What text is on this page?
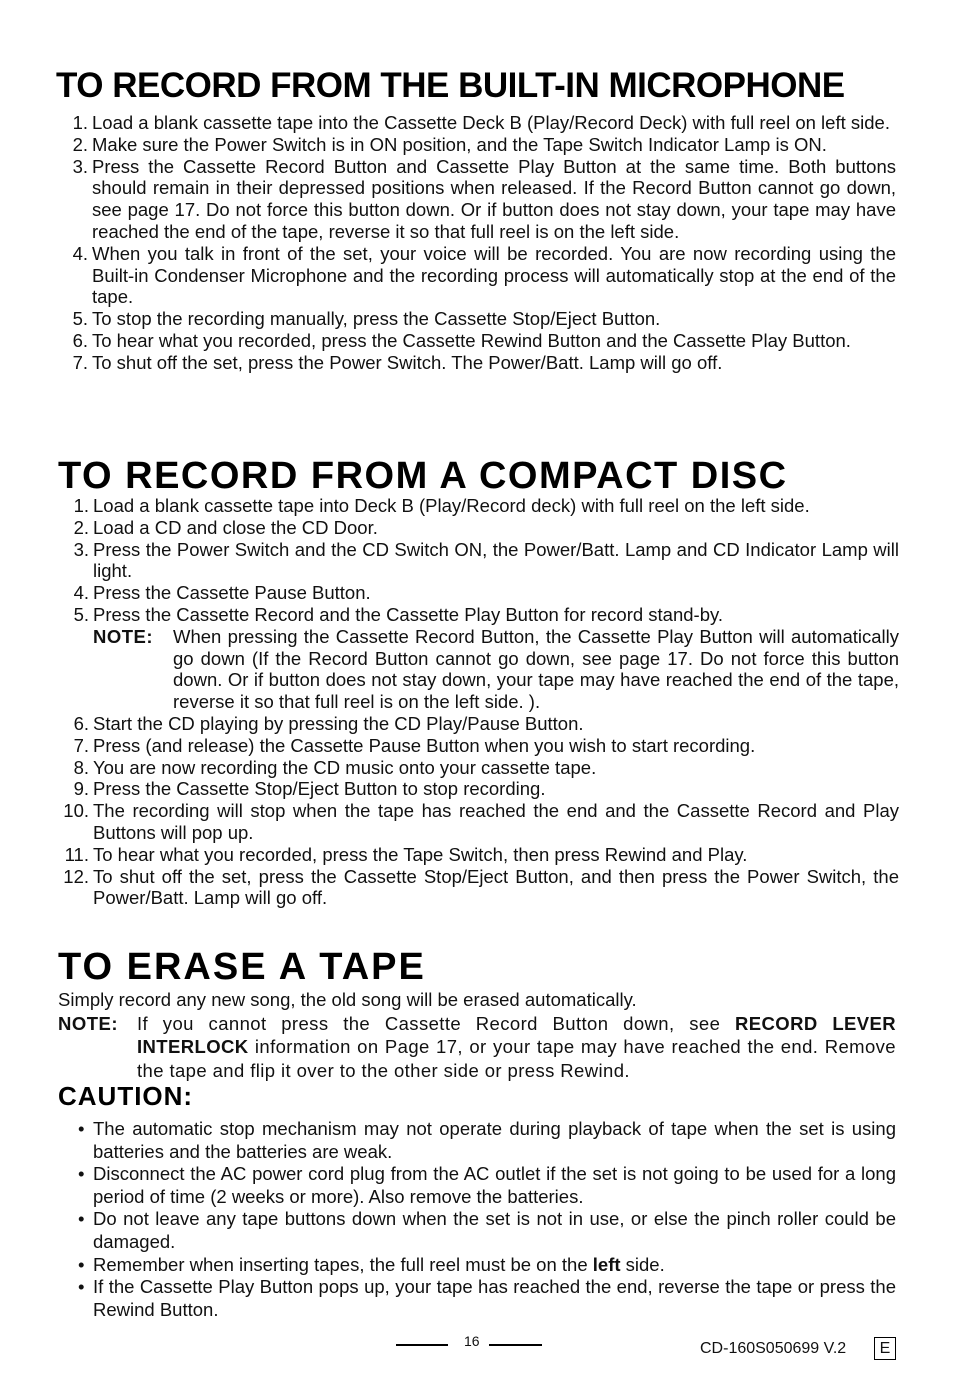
TO RECORD FROM THE BUILT-IN MICROPHONE
1. Load a blank cassette tape into the Cassette Deck B (Play/Record Deck) with full reel on left side.
2. Make sure the Power Switch is in ON position, and the Tape Switch Indicator Lamp is ON.
3. Press the Cassette Record Button and Cassette Play Button at the same time. Both buttons should remain in their depressed positions when released. If the Record Button cannot go down, see page 17. Do not force this button down. Or if button does not stay down, your tape may have reached the end of the tape, reverse it so that full reel is on the left side.
4. When you talk in front of the set, your voice will be recorded. You are now recording using the Built-in Condenser Microphone and the recording process will automatically stop at the end of the tape.
5. To stop the recording manually, press the Cassette Stop/Eject Button.
6. To hear what you recorded, press the Cassette Rewind Button and the Cassette Play Button.
7. To shut off the set, press the Power Switch. The Power/Batt. Lamp will go off.
TO RECORD FROM A COMPACT DISC
1. Load a blank cassette tape into Deck B (Play/Record deck) with full reel on the left side.
2. Load a CD and close the CD Door.
3. Press the Power Switch and the CD Switch ON, the Power/Batt. Lamp and CD Indicator Lamp will light.
4. Press the Cassette Pause Button.
5. Press the Cassette Record and the Cassette Play Button for record stand-by.
NOTE: When pressing the Cassette Record Button, the Cassette Play Button will automatically go down (If the Record Button cannot go down, see page 17. Do not force this button down. Or if button does not stay down, your tape may have reached the end of the tape, reverse it so that full reel is on the left side. ).
6. Start the CD playing by pressing the CD Play/Pause Button.
7. Press (and release) the Cassette Pause Button when you wish to start recording.
8. You are now recording the CD music onto your cassette tape.
9. Press the Cassette Stop/Eject Button to stop recording.
10. The recording will stop when the tape has reached the end and the Cassette Record and Play Buttons will pop up.
11. To hear what you recorded, press the Tape Switch, then press Rewind and Play.
12. To shut off the set, press the Cassette Stop/Eject Button, and then press the Power Switch, the Power/Batt. Lamp will go off.
TO ERASE A TAPE

Simply record any new song, the old song will be erased automatically.

NOTE: If you cannot press the Cassette Record Button down, see RECORD LEVER INTERLOCK information on Page 17, or your tape may have reached the end. Remove the tape and flip it over to the other side or press Rewind.

CAUTION:
• The automatic stop mechanism may not operate during playback of tape when the set is using batteries and the batteries are weak.
• Disconnect the AC power cord plug from the AC outlet if the set is not going to be used for a long period of time (2 weeks or more). Also remove the batteries.
• Do not leave any tape buttons down when the set is not in use, or else the pinch roller could be damaged.
• Remember when inserting tapes, the full reel must be on the left side.
• If the Cassette Play Button pops up, your tape has reached the end, reverse the tape or press the Rewind Button.
16	CD-160S050699 V.2	E
